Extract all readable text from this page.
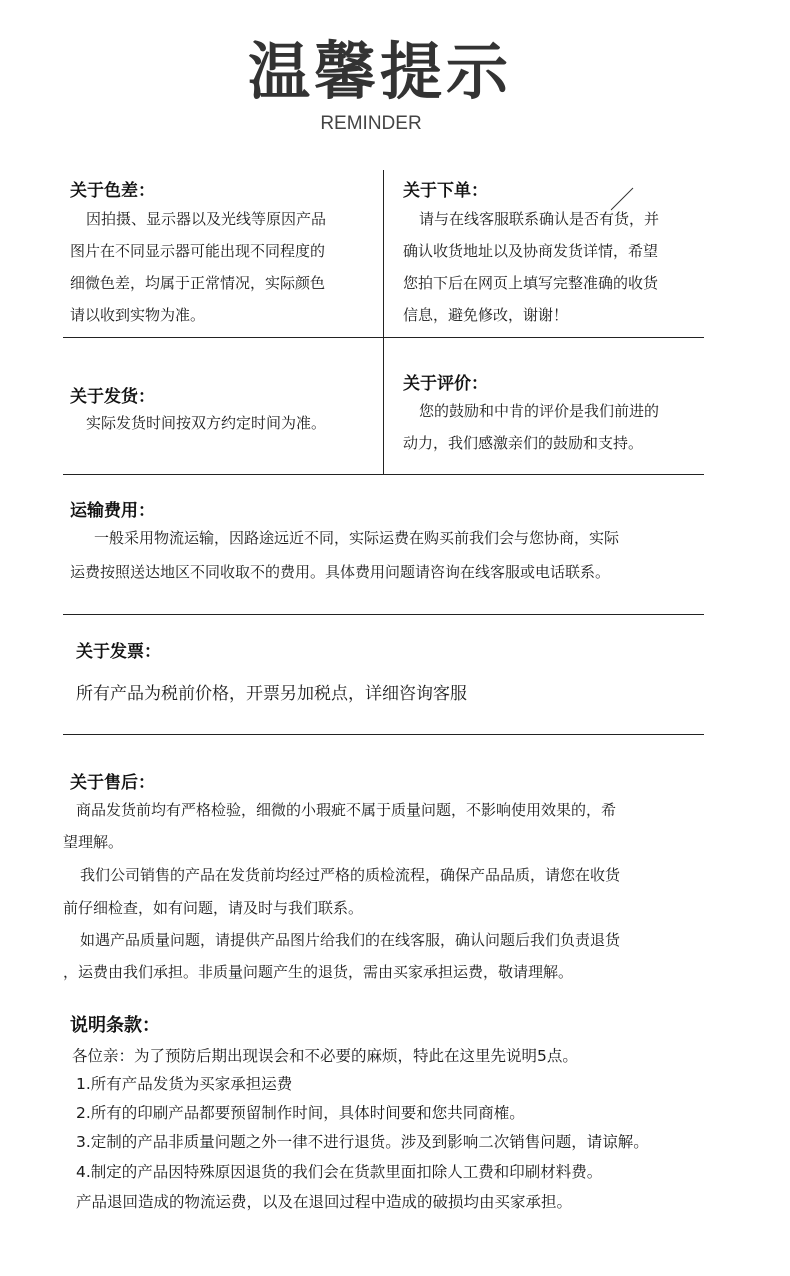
温馨提示
REMINDER
关于色差：
因拍摄、显示器以及光线等原因产品
图片在不同显示器可能出现不同程度的
细微色差，均属于正常情况，实际颜色
请以收到实物为准。
关于下单：
请与在线客服联系确认是否有货，并
确认收货地址以及协商发货详情，希望
您拍下后在网页上填写完整准确的收货
信息，避免修改，谢谢！
关于发货：
实际发货时间按双方约定时间为准。
关于评价：
您的鼓励和中肯的评价是我们前进的
动力，我们感激亲们的鼓励和支持。
运输费用：
一般采用物流运输，因路途远近不同，实际运费在购买前我们会与您协商，实际
运费按照送达地区不同收取不的费用。具体费用问题请咨询在线客服或电话联系。
关于发票：
所有产品为税前价格，开票另加税点，详细咨询客服
关于售后：
商品发货前均有严格检验，细微的小瑕疵不属于质量问题，不影响使用效果的，希
望理解。
我们公司销售的产品在发货前均经过严格的质检流程，确保产品品质，请您在收货
前仔细检查，如有问题，请及时与我们联系。
如遇产品质量问题，请提供产品图片给我们的在线客服，确认问题后我们负责退货
，运费由我们承担。非质量问题产生的退货，需由买家承担运费，敬请理解。
说明条款：
各位亲：为了预防后期出现误会和不必要的麻烦，特此在这里先说明5点。
1.所有产品发货为买家承担运费
2.所有的印刷产品都要预留制作时间，具体时间要和您共同商榷。
3.定制的产品非质量问题之外一律不进行退货。涉及到影响二次销售问题，请谅解。
4.制定的产品因特殊原因退货的我们会在货款里面扣除人工费和印刷材料费。
产品退回造成的物流运费，以及在退回过程中造成的破损均由买家承担。
